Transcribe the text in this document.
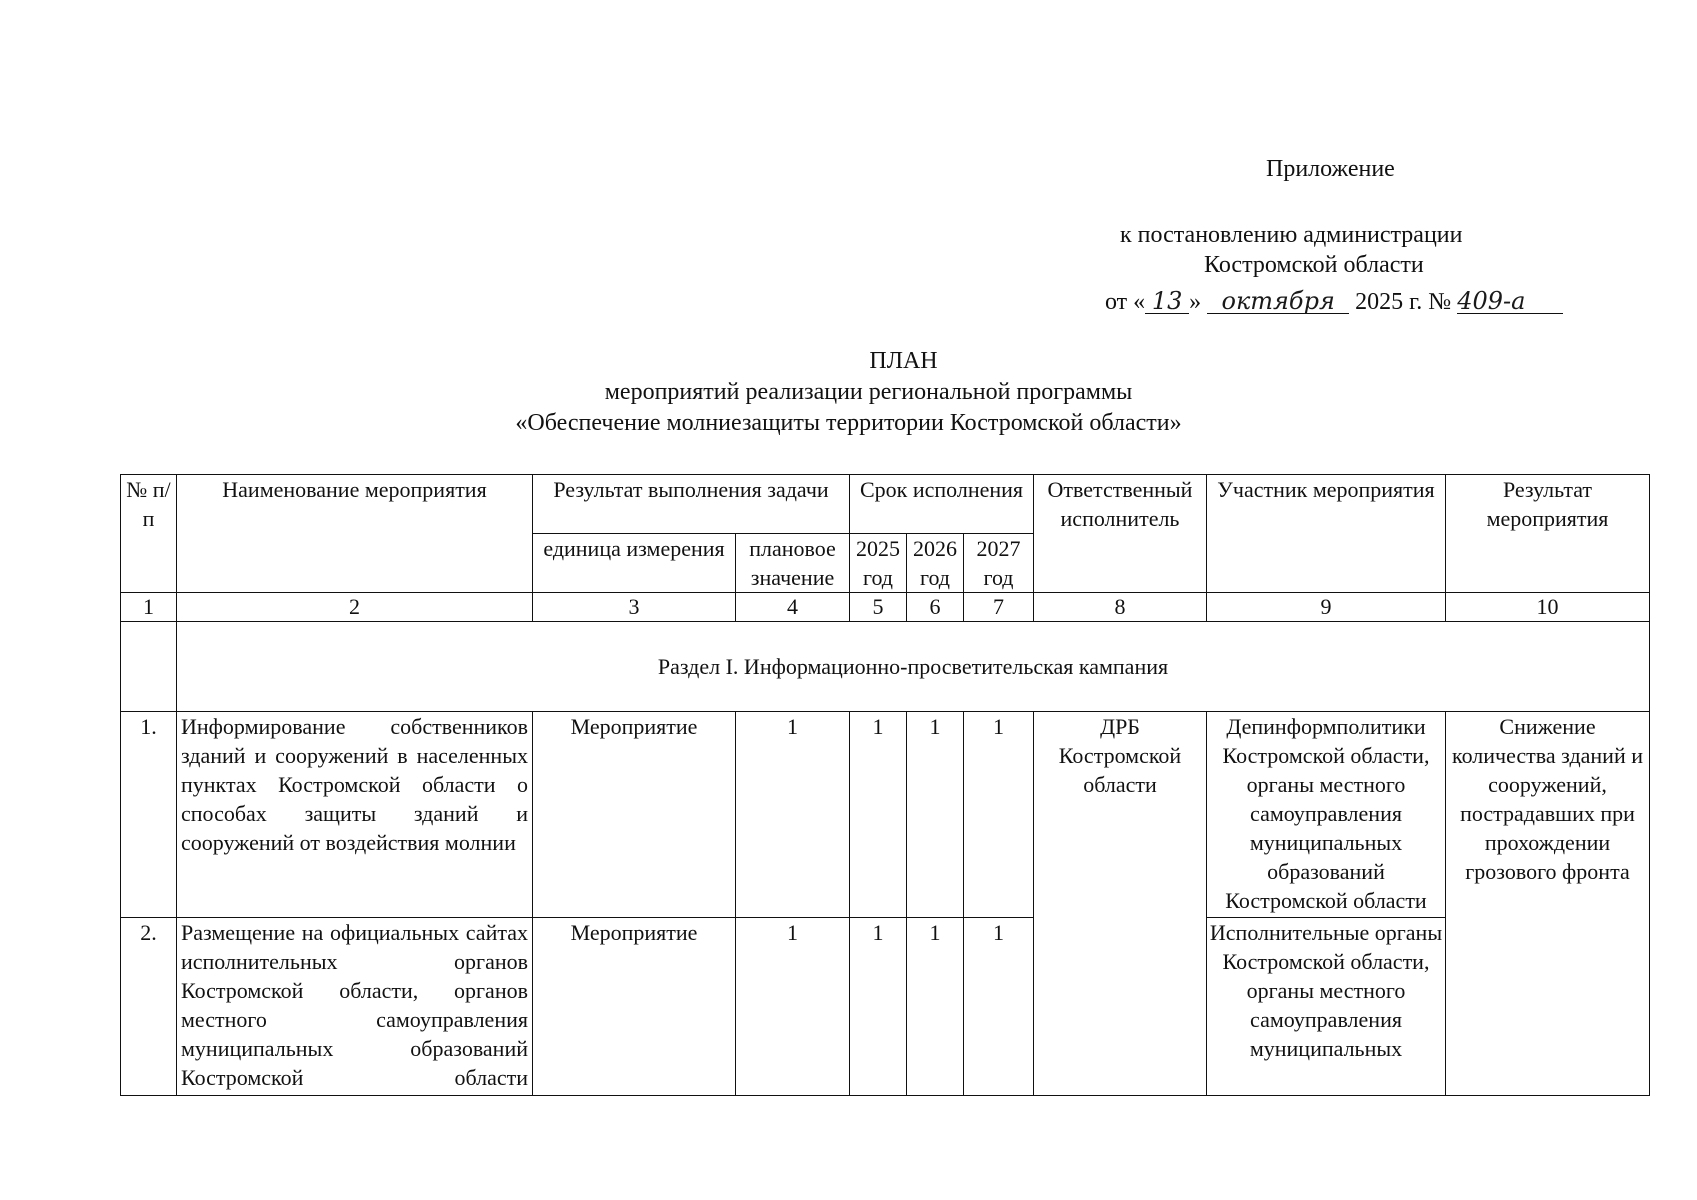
Приложение
к постановлению администрации
Костромской области
от « 13 » октября 2025 г. № 409-а
ПЛАН
мероприятий реализации региональной программы
«Обеспечение молниезащиты территории Костромской области»
№ п/п	Наименование мероприятия	Результат выполнения задачи		Срок исполнения			Ответственный исполнитель	Участник мероприятия	Результат мероприятия
		единица измерения	плановое значение	2025 год	2026 год	2027 год			
1	2	3	4	5	6	7	8	9	10
	Раздел I. Информационно-просветительская кампания								
1.	Информирование собственников зданий и сооружений в населенных пунктах Костромской области о способах защиты зданий и сооружений от воздействия молнии	Мероприятие	1	1	1	1	ДРБ Костромской области	Депинформполитики Костромской области, органы местного самоуправления муниципальных образований Костромской области	Снижение количества зданий и сооружений, пострадавших при прохождении грозового фронта
2.	Размещение на официальных сайтах исполнительных органов Костромской области, органов местного самоуправления муниципальных образований Костромской области	Мероприятие	1	1	1	1		Исполнительные органы Костромской области, органы местного самоуправления муниципальных	
